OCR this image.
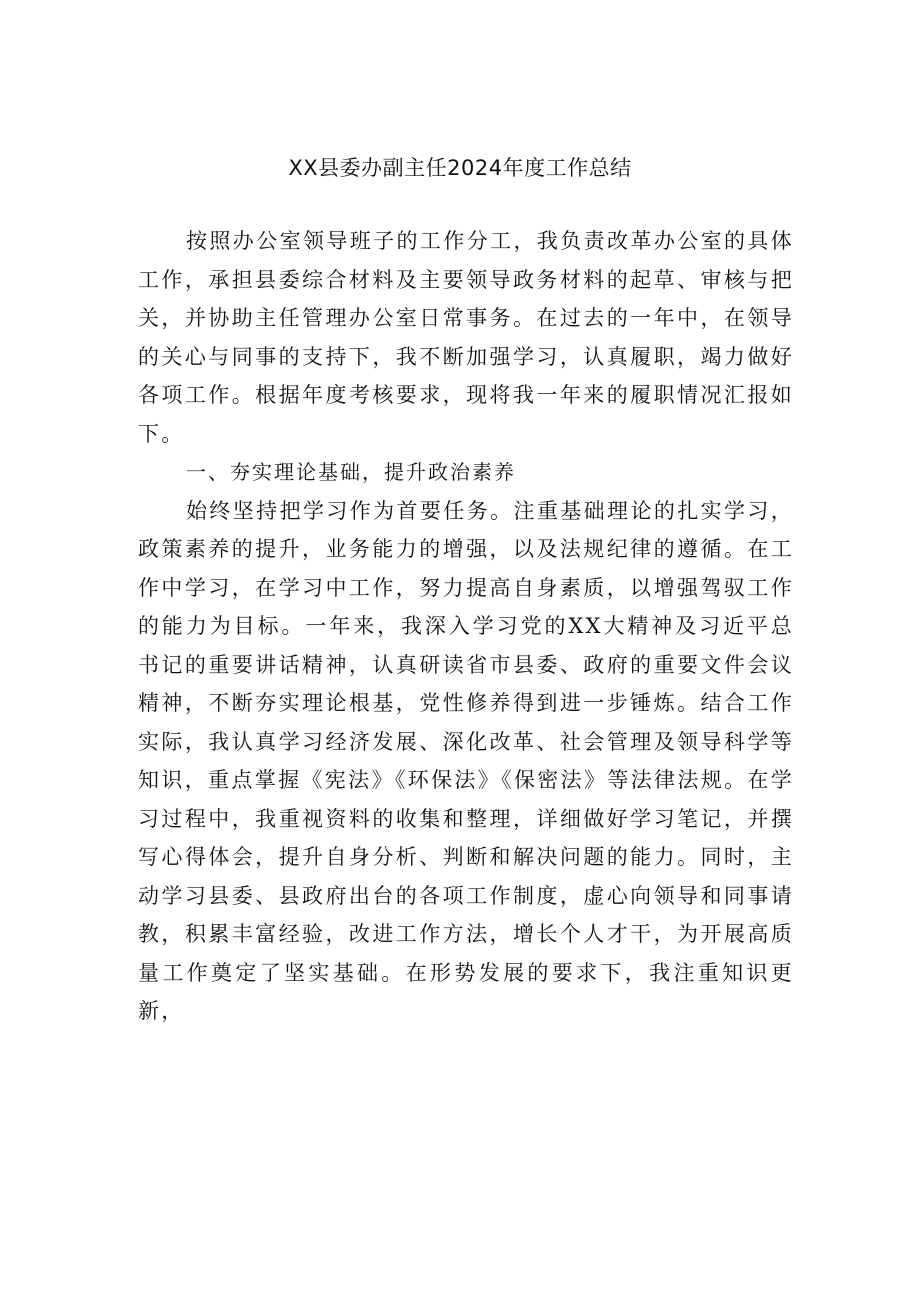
XX县委办副主任2024年度工作总结

按照办公室领导班子的工作分工，我负责改革办公室的具体工作，承担县委综合材料及主要领导政务材料的起草、审核与把关，并协助主任管理办公室日常事务。在过去的一年中，在领导的关心与同事的支持下，我不断加强学习，认真履职，竭力做好各项工作。根据年度考核要求，现将我一年来的履职情况汇报如下。

一、夯实理论基础，提升政治素养

始终坚持把学习作为首要任务。注重基础理论的扎实学习，政策素养的提升，业务能力的增强，以及法规纪律的遵循。在工作中学习，在学习中工作，努力提高自身素质，以增强驾驭工作的能力为目标。一年来，我深入学习党的XX大精神及习近平总书记的重要讲话精神，认真研读省市县委、政府的重要文件会议精神，不断夯实理论根基，党性修养得到进一步锤炼。结合工作实际，我认真学习经济发展、深化改革、社会管理及领导科学等知识，重点掌握《宪法》《环保法》《保密法》等法律法规。在学习过程中，我重视资料的收集和整理，详细做好学习笔记，并撰写心得体会，提升自身分析、判断和解决问题的能力。同时，主动学习县委、县政府出台的各项工作制度，虚心向领导和同事请教，积累丰富经验，改进工作方法，增长个人才干，为开展高质量工作奠定了坚实基础。在形势发展的要求下，我注重知识更新，
